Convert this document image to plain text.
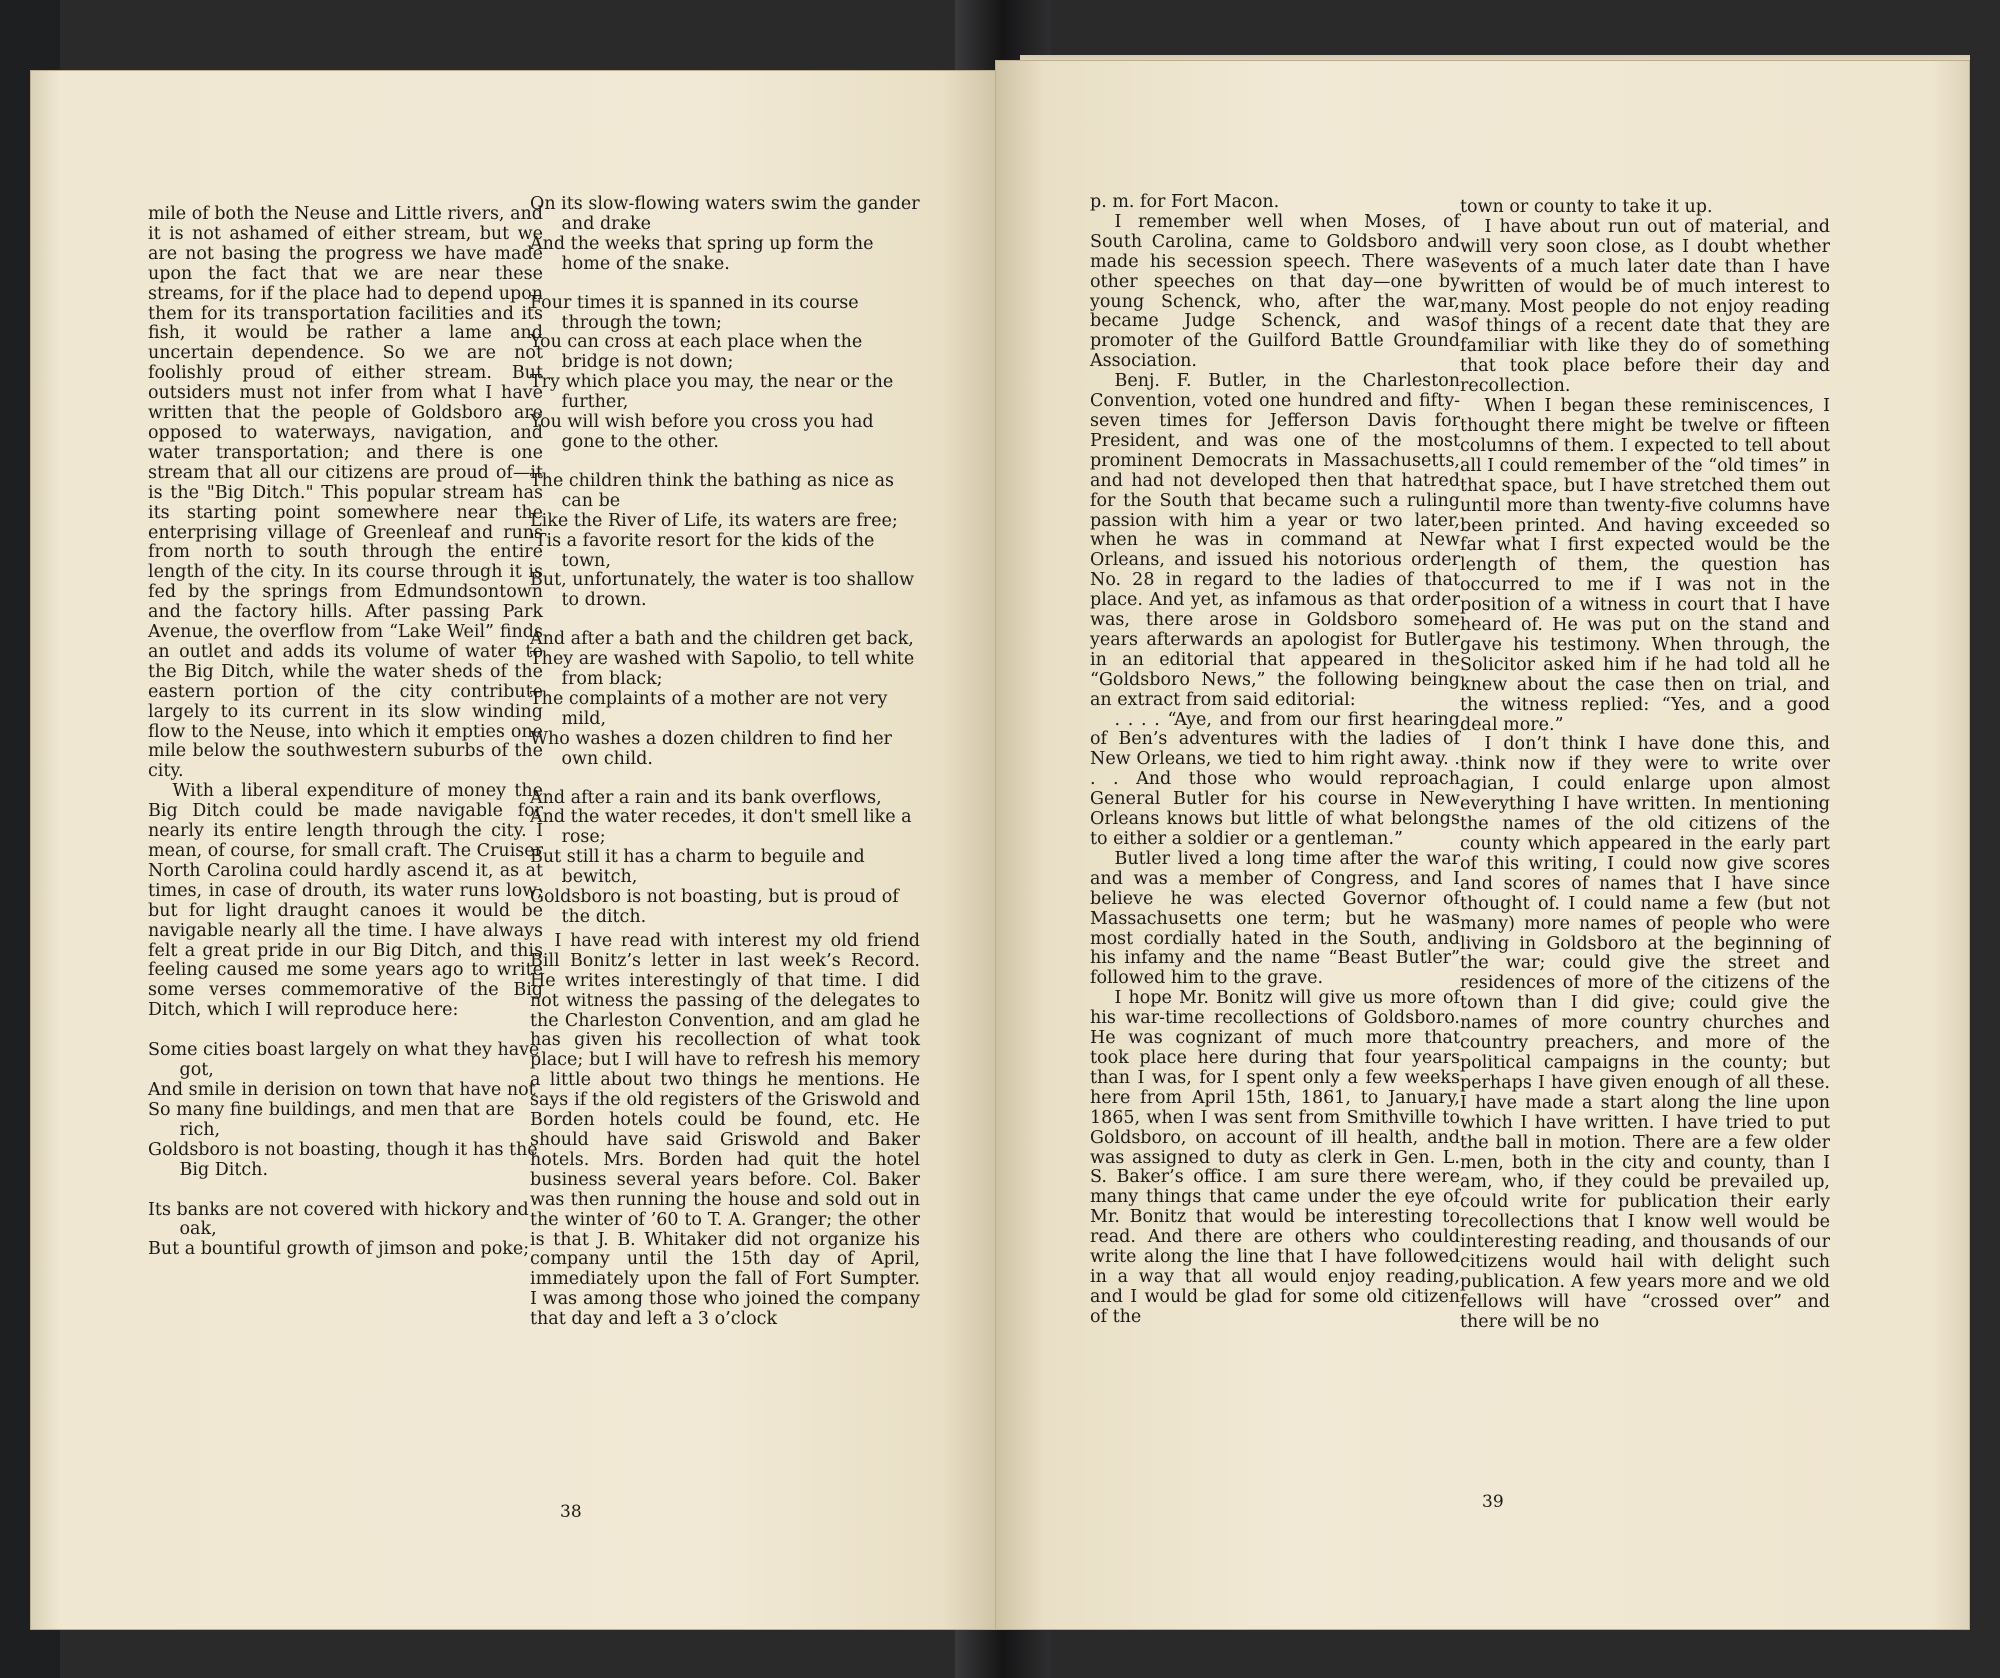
mile of both the Neuse and Little rivers, and it is not ashamed of either stream, but we are not basing the progress we have made upon the fact that we are near these streams, for if the place had to depend upon them for its transportation facilities and its fish, it would be rather a lame and uncertain dependence. So we are not foolishly proud of either stream. But outsiders must not infer from what I have written that the people of Goldsboro are opposed to waterways, navigation, and water transportation; and there is one stream that all our citizens are proud of—it is the "Big Ditch." This popular stream has its starting point somewhere near the enterprising village of Greenleaf and runs from north to south through the entire length of the city. In its course through it is fed by the springs from Edmundsontown and the factory hills. After passing Park Avenue, the overflow from “Lake Weil” finds an outlet and adds its volume of water to the Big Ditch, while the water sheds of the eastern portion of the city contribute largely to its current in its slow winding flow to the Neuse, into which it empties one mile below the southwestern suburbs of the city.

With a liberal expenditure of money the Big Ditch could be made navigable for nearly its entire length through the city. I mean, of course, for small craft. The Cruiser North Carolina could hardly ascend it, as at times, in case of drouth, its water runs low; but for light draught canoes it would be navigable nearly all the time. I have always felt a great pride in our Big Ditch, and this feeling caused me some years ago to write some verses commemorative of the Big Ditch, which I will reproduce here:

Some cities boast largely on what they have got,

And smile in derision on town that have not

So many fine buildings, and men that are rich,

Goldsboro is not boasting, though it has the Big Ditch.

Its banks are not covered with hickory and oak,

But a bountiful growth of jimson and poke;

On its slow-flowing waters swim the gander and drake

And the weeks that spring up form the home of the snake.

Four times it is spanned in its course through the town;

You can cross at each place when the bridge is not down;

Try which place you may, the near or the further,

You will wish before you cross you had gone to the other.

The children think the bathing as nice as can be

Like the River of Life, its waters are free;

'Tis a favorite resort for the kids of the town,

But, unfortunately, the water is too shallow to drown.

And after a bath and the children get back,

They are washed with Sapolio, to tell white from black;

The complaints of a mother are not very mild,

Who washes a dozen children to find her own child.

And after a rain and its bank overflows,

And the water recedes, it don't smell like a rose;

But still it has a charm to beguile and bewitch,

Goldsboro is not boasting, but is proud of the ditch.

I have read with interest my old friend Bill Bonitz’s letter in last week’s Record. He writes interestingly of that time. I did not witness the passing of the delegates to the Charleston Convention, and am glad he has given his recollection of what took place; but I will have to refresh his memory a little about two things he mentions. He says if the old registers of the Griswold and Borden hotels could be found, etc. He should have said Griswold and Baker hotels. Mrs. Borden had quit the hotel business several years before. Col. Baker was then running the house and sold out in the winter of ’60 to T. A. Granger; the other is that J. B. Whitaker did not organize his company until the 15th day of April, immediately upon the fall of Fort Sumpter. I was among those who joined the company that day and left a 3 o’clock

38

p. m. for Fort Macon.

I remember well when Moses, of South Carolina, came to Goldsboro and made his secession speech. There was other speeches on that day—one by young Schenck, who, after the war, became Judge Schenck, and was promoter of the Guilford Battle Ground Association.

Benj. F. Butler, in the Charleston Convention, voted one hundred and fifty-seven times for Jefferson Davis for President, and was one of the most prominent Democrats in Massachusetts, and had not developed then that hatred for the South that became such a ruling passion with him a year or two later, when he was in command at New Orleans, and issued his notorious order No. 28 in regard to the ladies of that place. And yet, as infamous as that order was, there arose in Goldsboro some years afterwards an apologist for Butler in an editorial that appeared in the “Goldsboro News,” the following being an extract from said editorial:

. . . . “Aye, and from our first hearing of Ben’s adventures with the ladies of New Orleans, we tied to him right away. . . . And those who would reproach General Butler for his course in New Orleans knows but little of what belongs to either a soldier or a gentleman.”

Butler lived a long time after the war and was a member of Congress, and I believe he was elected Governor of Massachusetts one term; but he was most cordially hated in the South, and his infamy and the name “Beast Butler” followed him to the grave.

I hope Mr. Bonitz will give us more of his war-time recollections of Goldsboro. He was cognizant of much more that took place here during that four years than I was, for I spent only a few weeks here from April 15th, 1861, to January, 1865, when I was sent from Smithville to Goldsboro, on account of ill health, and was assigned to duty as clerk in Gen. L. S. Baker’s office. I am sure there were many things that came under the eye of Mr. Bonitz that would be interesting to read. And there are others who could write along the line that I have followed in a way that all would enjoy reading, and I would be glad for some old citizen of the

town or county to take it up.

I have about run out of material, and will very soon close, as I doubt whether events of a much later date than I have written of would be of much interest to many. Most people do not enjoy reading of things of a recent date that they are familiar with like they do of something that took place before their day and recollection.

When I began these reminiscences, I thought there might be twelve or fifteen columns of them. I expected to tell about all I could remember of the “old times” in that space, but I have stretched them out until more than twenty-five columns have been printed. And having exceeded so far what I first expected would be the length of them, the question has occurred to me if I was not in the position of a witness in court that I have heard of. He was put on the stand and gave his testimony. When through, the Solicitor asked him if he had told all he knew about the case then on trial, and the witness replied: “Yes, and a good deal more.”

I don’t think I have done this, and think now if they were to write over agian, I could enlarge upon almost everything I have written. In mentioning the names of the old citizens of the county which appeared in the early part of this writing, I could now give scores and scores of names that I have since thought of. I could name a few (but not many) more names of people who were living in Goldsboro at the beginning of the war; could give the street and residences of more of the citizens of the town than I did give; could give the names of more country churches and country preachers, and more of the political campaigns in the county; but perhaps I have given enough of all these. I have made a start along the line upon which I have written. I have tried to put the ball in motion. There are a few older men, both in the city and county, than I am, who, if they could be prevailed up, could write for publication their early recollections that I know well would be interesting reading, and thousands of our citizens would hail with delight such publication. A few years more and we old fellows will have “crossed over” and there will be no

39
